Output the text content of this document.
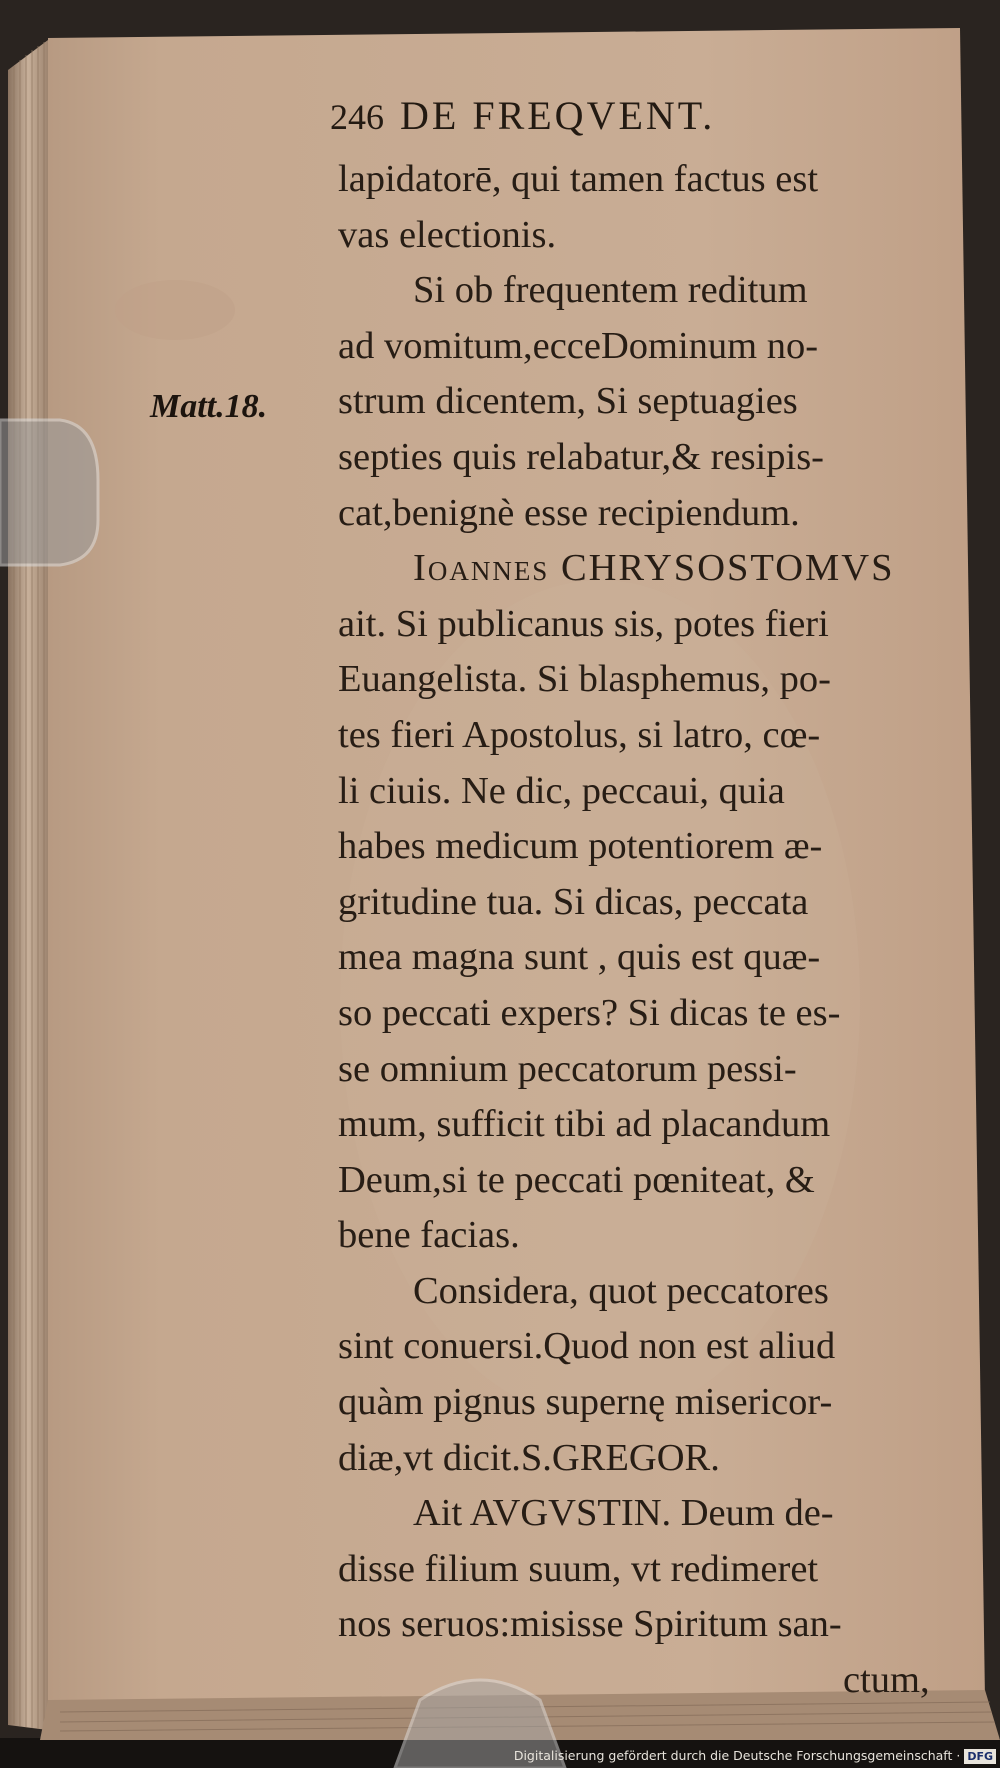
246 DE FREQVENT.
Matt.18.
lapidatorē, qui tamen factus est
vas electionis.
Si ob frequentem reditum
ad vomitum,ecceDominum no-
strum dicentem, Si septuagies
septies quis relabatur,& resipis-
cat,benignè esse recipiendum.
Ioannes CHRYSOSTOMVS
ait. Si publicanus sis, potes fieri
Euangelista. Si blasphemus, po-
tes fieri Apostolus, si latro, cœ-
li ciuis. Ne dic, peccaui, quia
habes medicum potentiorem æ-
gritudine tua. Si dicas, peccata
mea magna sunt , quis est quæ-
so peccati expers? Si dicas te es-
se omnium peccatorum pessi-
mum, sufficit tibi ad placandum
Deum,si te peccati pœniteat, &
bene facias.
Considera, quot peccatores
sint conuersi.Quod non est aliud
quàm pignus supernę misericor-
diæ,vt dicit.S.GREGOR.
Ait AVGVSTIN. Deum de-
disse filium suum, vt redimeret
nos seruos:misisse Spiritum san-
ctum,
Digitalisierung gefördert durch die Deutsche Forschungsgemeinschaft · DFG
